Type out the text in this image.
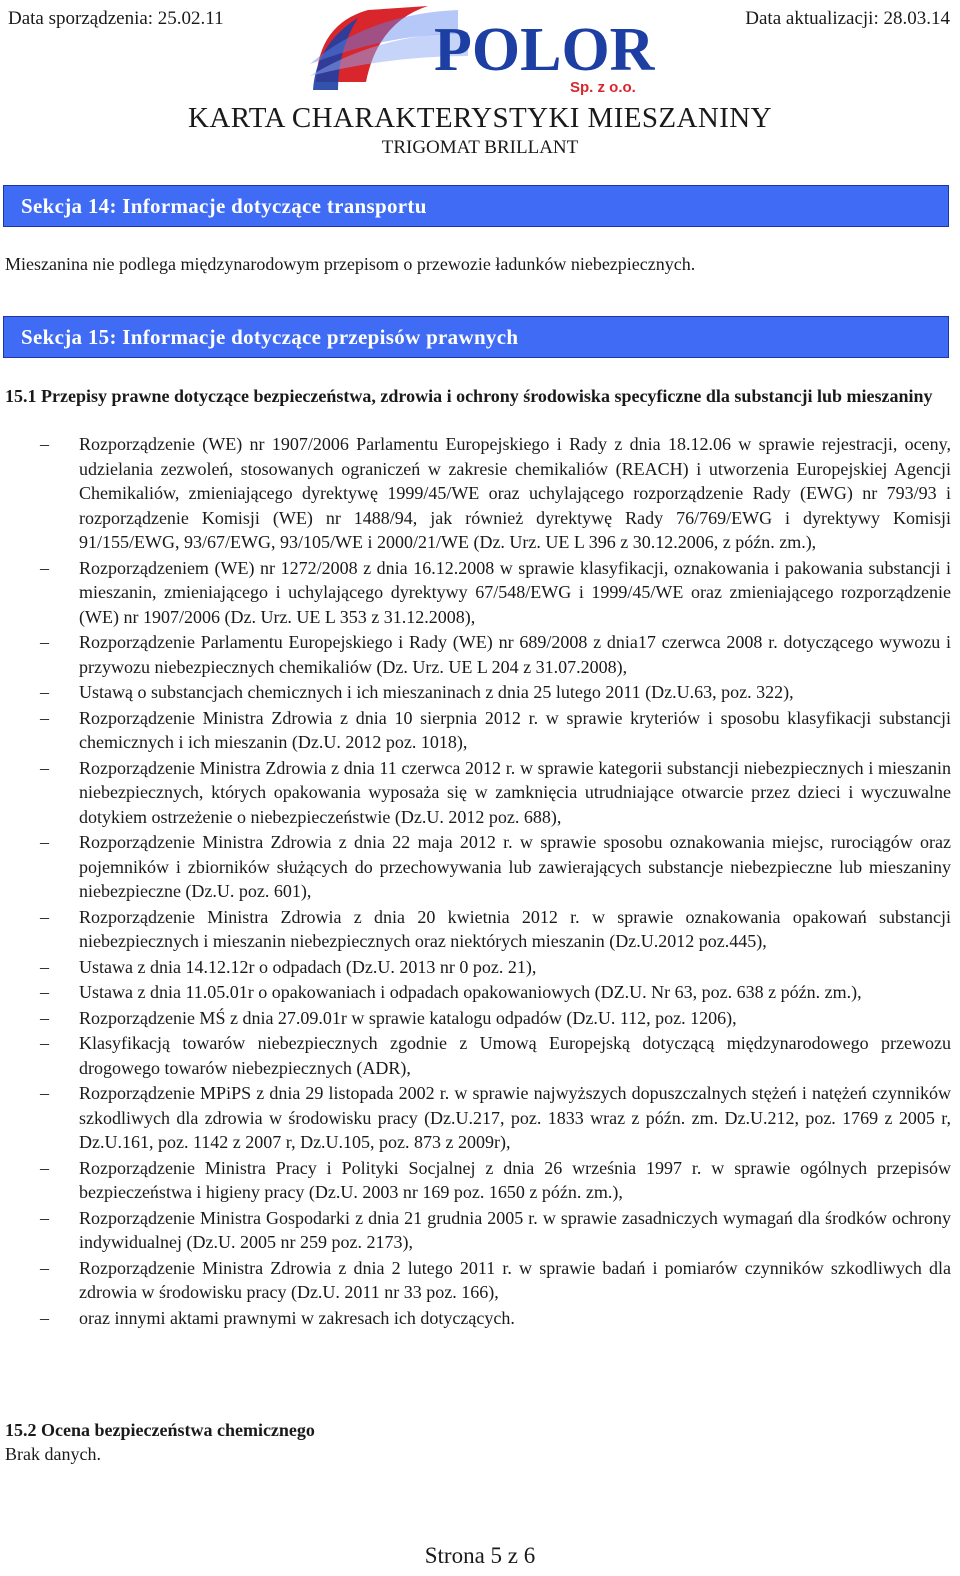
Data sporządzenia: 25.02.11	Data aktualizacji: 28.03.14
POLOR
Sp. z o.o.
KARTA CHARAKTERYSTYKI MIESZANINY
TRIGOMAT BRILLANT
Sekcja 14: Informacje dotyczące transportu
Mieszanina nie podlega międzynarodowym przepisom o przewozie ładunków niebezpiecznych.
Sekcja 15: Informacje dotyczące przepisów prawnych
15.1 Przepisy prawne dotyczące bezpieczeństwa, zdrowia i ochrony środowiska specyficzne dla substancji lub mieszaniny
– Rozporządzenie (WE) nr 1907/2006 Parlamentu Europejskiego i Rady z dnia 18.12.06 w sprawie rejestracji, oceny, udzielania zezwoleń, stosowanych ograniczeń w zakresie chemikaliów (REACH) i utworzenia Europejskiej Agencji Chemikaliów, zmieniającego dyrektywę 1999/45/WE oraz uchylającego rozporządzenie Rady (EWG) nr 793/93 i rozporządzenie Komisji (WE) nr 1488/94, jak również dyrektywę Rady 76/769/EWG i dyrektywy Komisji 91/155/EWG, 93/67/EWG, 93/105/WE i 2000/21/WE (Dz. Urz. UE L 396 z 30.12.2006, z późn. zm.),
– Rozporządzeniem (WE) nr 1272/2008 z dnia 16.12.2008 w sprawie klasyfikacji, oznakowania i pakowania substancji i mieszanin, zmieniającego i uchylającego dyrektywy 67/548/EWG i 1999/45/WE oraz zmieniającego rozporządzenie (WE) nr 1907/2006 (Dz. Urz. UE L 353 z 31.12.2008),
– Rozporządzenie Parlamentu Europejskiego i Rady (WE) nr 689/2008 z dnia17 czerwca 2008 r. dotyczącego wywozu i przywozu niebezpiecznych chemikaliów (Dz. Urz. UE L 204 z 31.07.2008),
– Ustawą o substancjach chemicznych i ich mieszaninach z dnia 25 lutego 2011 (Dz.U.63, poz. 322),
– Rozporządzenie Ministra Zdrowia z dnia 10 sierpnia 2012 r. w sprawie kryteriów i sposobu klasyfikacji substancji chemicznych i ich mieszanin (Dz.U. 2012 poz. 1018),
– Rozporządzenie Ministra Zdrowia z dnia 11 czerwca 2012 r. w sprawie kategorii substancji niebezpiecznych i mieszanin niebezpiecznych, których opakowania wyposaża się w zamknięcia utrudniające otwarcie przez dzieci i wyczuwalne dotykiem ostrzeżenie o niebezpieczeństwie (Dz.U. 2012 poz. 688),
– Rozporządzenie Ministra Zdrowia z dnia 22 maja 2012 r. w sprawie sposobu oznakowania miejsc, rurociągów oraz pojemników i zbiorników służących do przechowywania lub zawierających substancje niebezpieczne lub mieszaniny niebezpieczne (Dz.U. poz. 601),
– Rozporządzenie Ministra Zdrowia z dnia 20 kwietnia 2012 r. w sprawie oznakowania opakowań substancji niebezpiecznych i mieszanin niebezpiecznych oraz niektórych mieszanin (Dz.U.2012 poz.445),
– Ustawa z dnia 14.12.12r o odpadach (Dz.U. 2013 nr 0 poz. 21),
– Ustawa z dnia 11.05.01r o opakowaniach i odpadach opakowaniowych (DZ.U. Nr 63, poz. 638 z późn. zm.),
– Rozporządzenie MŚ z dnia 27.09.01r w sprawie katalogu odpadów (Dz.U. 112, poz. 1206),
– Klasyfikacją towarów niebezpiecznych zgodnie z Umową Europejską dotyczącą międzynarodowego przewozu drogowego towarów niebezpiecznych (ADR),
– Rozporządzenie MPiPS z dnia 29 listopada 2002 r. w sprawie najwyższych dopuszczalnych stężeń i natężeń czynników szkodliwych dla zdrowia w środowisku pracy (Dz.U.217, poz. 1833 wraz z późn. zm. Dz.U.212, poz. 1769 z 2005 r, Dz.U.161, poz. 1142 z 2007 r, Dz.U.105, poz. 873 z 2009r),
– Rozporządzenie Ministra Pracy i Polityki Socjalnej z dnia 26 września 1997 r. w sprawie ogólnych przepisów bezpieczeństwa i higieny pracy (Dz.U. 2003 nr 169 poz. 1650 z późn. zm.),
– Rozporządzenie Ministra Gospodarki z dnia 21 grudnia 2005 r. w sprawie zasadniczych wymagań dla środków ochrony indywidualnej (Dz.U. 2005 nr 259 poz. 2173),
– Rozporządzenie Ministra Zdrowia z dnia 2 lutego 2011 r. w sprawie badań i pomiarów czynników szkodliwych dla zdrowia w środowisku pracy (Dz.U. 2011 nr 33 poz. 166),
– oraz innymi aktami prawnymi w zakresach ich dotyczących.
15.2 Ocena bezpieczeństwa chemicznego
Brak danych.
Strona 5 z 6
